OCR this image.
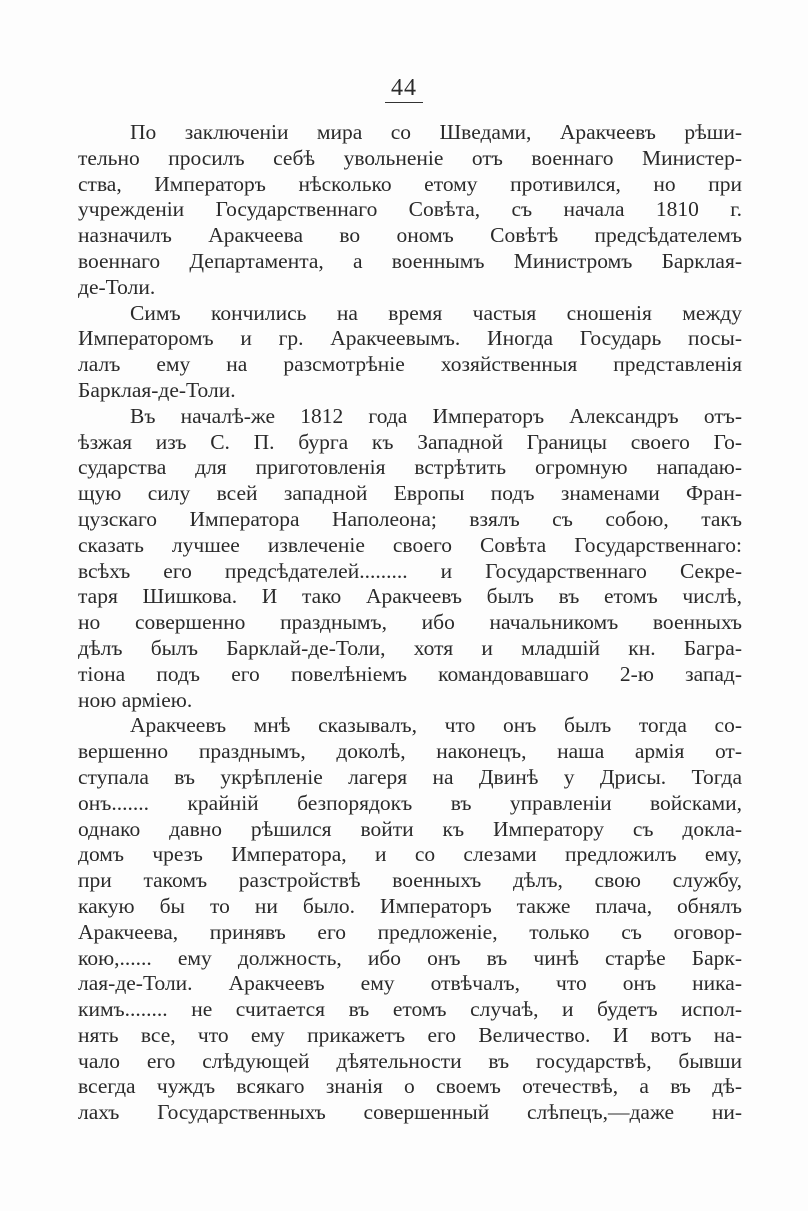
44
По заключеніи мира со Шведами, Аракчеевъ рѣши-
тельно просилъ себѣ увольненіе отъ военнаго Министер-
ства, Императоръ нѣсколько етому противился, но при
учрежденіи Государственнаго Совѣта, съ начала 1810 г.
назначилъ Аракчеева во ономъ Совѣтѣ предсѣдателемъ
военнаго Департамента, а военнымъ Министромъ Барклая-
де-Толи.
Симъ кончились на время частыя сношенія между
Императоромъ и гр. Аракчеевымъ. Иногда Государь посы-
лалъ ему на разсмотрѣніе хозяйственныя представленія
Барклая-де-Толи.
Въ началѣ-же 1812 года Императоръ Александръ отъ-
ѣзжая изъ С. П. бурга къ Западной Границы своего Го-
сударства для приготовленія встрѣтить огромную нападаю-
щую силу всей западной Европы подъ знаменами Фран-
цузскаго Императора Наполеона; взялъ съ собою, такъ
сказать лучшее извлеченіе своего Совѣта Государственнаго:
всѣхъ его предсѣдателей......... и Государственнаго Секре-
таря Шишкова. И тако Аракчеевъ былъ въ етомъ числѣ,
но совершенно празднымъ, ибо начальникомъ военныхъ
дѣлъ былъ Барклай-де-Толи, хотя и младшій кн. Багра-
тіона подъ его повелѣніемъ командовавшаго 2-ю запад-
ною арміею.
Аракчеевъ мнѣ сказывалъ, что онъ былъ тогда со-
вершенно празднымъ, доколѣ, наконецъ, наша армія от-
ступала въ укрѣпленіе лагеря на Двинѣ у Дрисы. Тогда
онъ....... крайній безпорядокъ въ управленіи войсками,
однако давно рѣшился войти къ Императору съ докла-
домъ чрезъ Императора, и со слезами предложилъ ему,
при такомъ разстройствѣ военныхъ дѣлъ, свою службу,
какую бы то ни было. Императоръ также плача, обнялъ
Аракчеева, принявъ его предложеніе, только съ оговор-
кою,...... ему должность, ибо онъ въ чинѣ старѣе Барк-
лая-де-Толи. Аракчеевъ ему отвѣчалъ, что онъ ника-
кимъ........ не считается въ етомъ случаѣ, и будетъ испол-
нять все, что ему прикажетъ его Величество. И вотъ на-
чало его слѣдующей дѣятельности въ государствѣ, бывши
всегда чуждъ всякаго знанія о своемъ отечествѣ, а въ дѣ-
лахъ Государственныхъ совершенный слѣпецъ,—даже ни-
